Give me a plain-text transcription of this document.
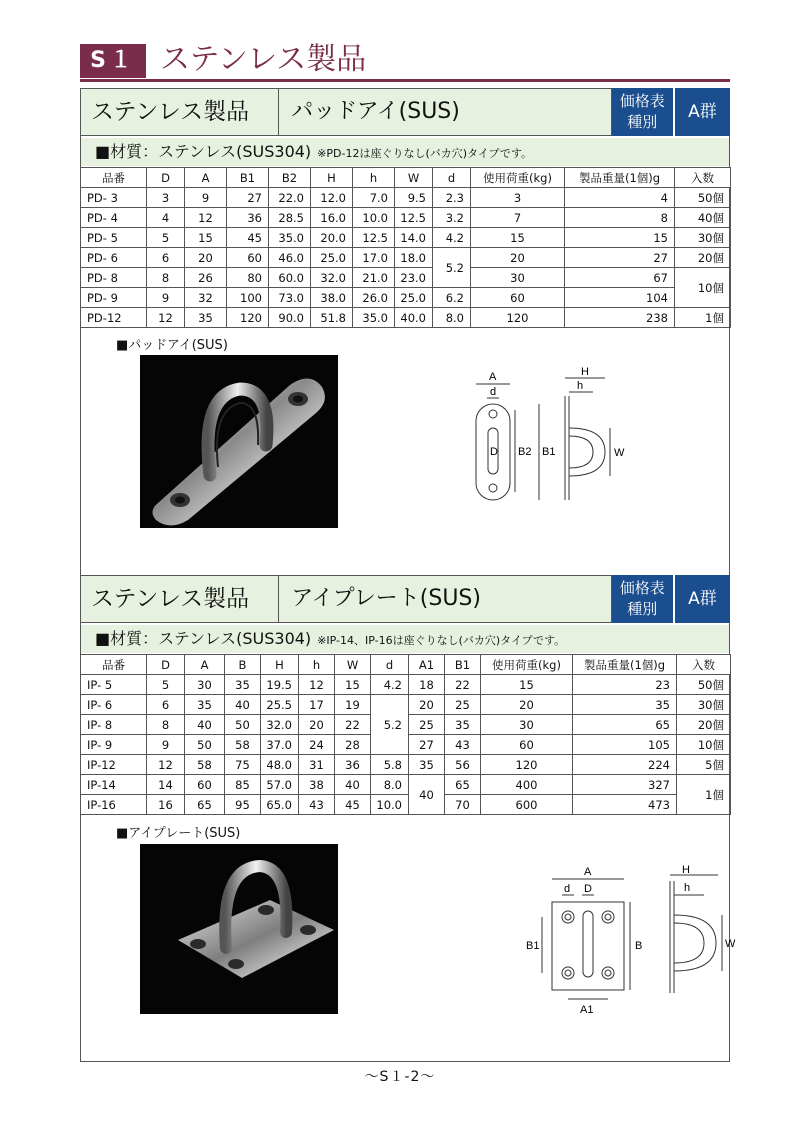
S１ ステンレス製品
ステンレス製品	パッドアイ(SUS)	価格表
種別	A群
■材質：ステンレス(SUS304) ※PD-12は座ぐりなし(バカ穴)タイプです。
品番	D	A	B1	B2	H	h	W	d	使用荷重(kg)	製品重量(1個)g	入数
PD- 3	3	9	27	22.0	12.0	7.0	9.5	2.3	3	4	50個
PD- 4	4	12	36	28.5	16.0	10.0	12.5	3.2	7	8	40個
PD- 5	5	15	45	35.0	20.0	12.5	14.0	4.2	15	15	30個
PD- 6	6	20	60	46.0	25.0	17.0	18.0	5.2	20	27	20個
PD- 8	8	26	80	60.0	32.0	21.0	23.0		30	67	10個
PD- 9	9	32	100	73.0	38.0	26.0	25.0	6.2	60	104	
PD-12	12	35	120	90.0	51.8	35.0	40.0	8.0	120	238	1個
■パッドアイ(SUS)
A
d
D B2 B1
H
h
W
ステンレス製品	アイプレート(SUS)	価格表
種別	A群
■材質：ステンレス(SUS304) ※IP-14、IP-16は座ぐりなし(バカ穴)タイプです。
品番	D	A	B	H	h	W	d	A1	B1	使用荷重(kg)	製品重量(1個)g	入数
IP- 5	5	30	35	19.5	12	15	4.2	18	22	15	23	50個
IP- 6	6	35	40	25.5	17	19	5.2	20	25	20	35	30個
IP- 8	8	40	50	32.0	20	22		25	35	30	65	20個
IP- 9	9	50	58	37.0	24	28		27	43	60	105	10個
IP-12	12	58	75	48.0	31	36	5.8	35	56	120	224	5個
IP-14	14	60	85	57.0	38	40	8.0	40	65	400	327	1個
IP-16	16	65	95	65.0	43	45	10.0		70	600	473	
■アイプレート(SUS)
A
d D
B1	B
A1
H
h
W
～S１-2～
